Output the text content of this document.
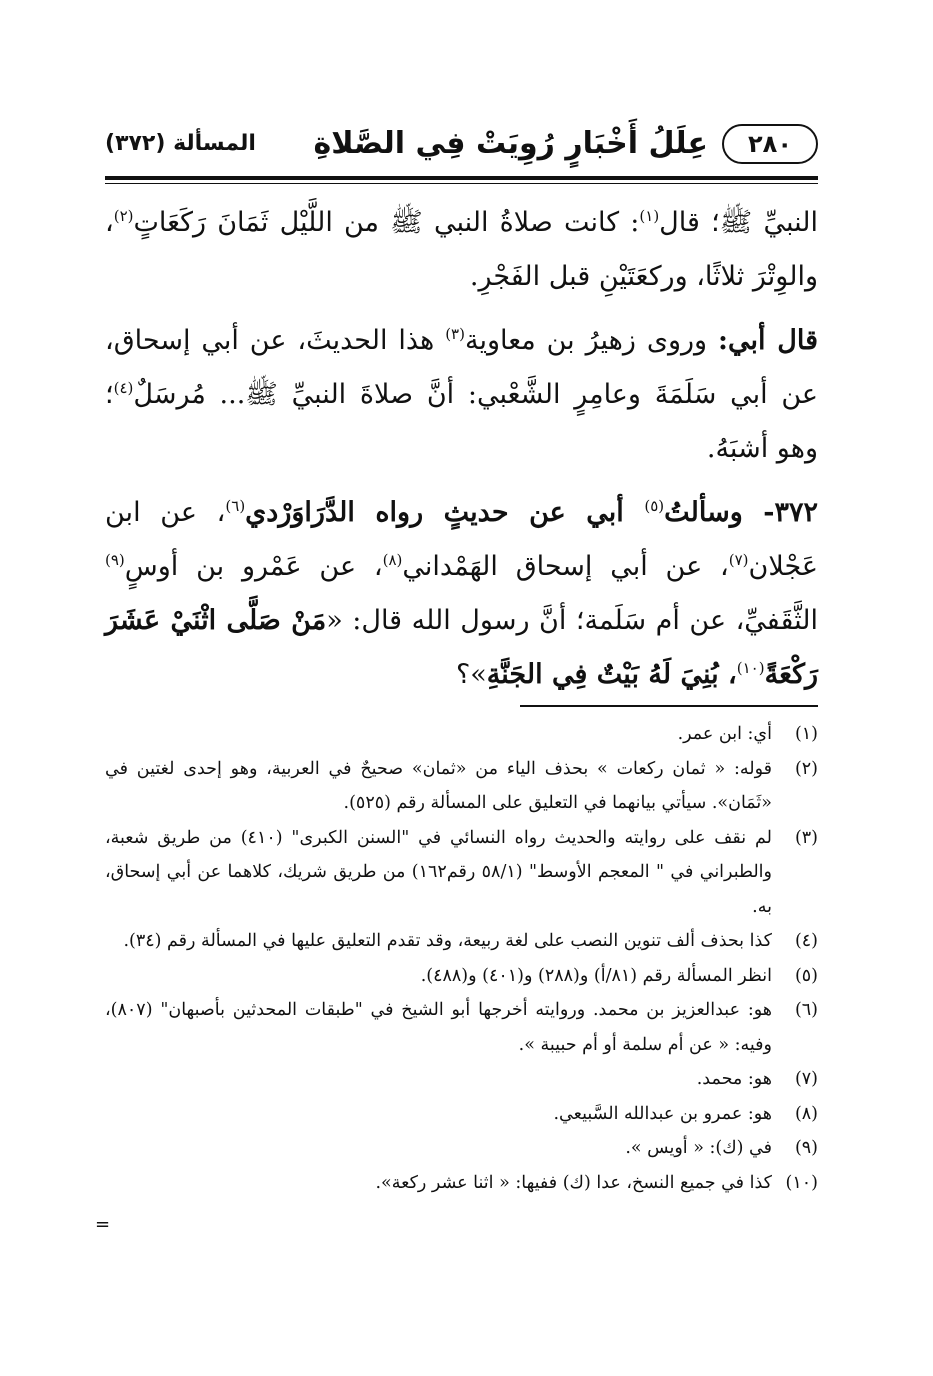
٢٨٠
عِلَلُ أَخْبَارٍ رُوِيَتْ فِي الصَّلاةِ
المسألة (٣٧٢)

النبيِّ ﷺ؛ قال$^{(١)}$: كانت صلاةُ النبي ﷺ من اللَّيْل ثَمَانَ رَكَعَاتٍ$^{(٢)}$، والوِتْرَ ثلاثًا، وركعَتَيْنِ قبل الفَجْرِ.

قال أبي: وروى زهيرُ بن معاوية$^{(٣)}$ هذا الحديثَ، عن أبي إسحاق، عن أبي سَلَمَةَ وعامِرٍ الشَّعْبي: أنَّ صلاةَ النبيِّ ﷺ... مُرسَلٌ$^{(٤)}$؛ وهو أشبَهُ.

٣٧٢- وسألتُ$^{(٥)}$ أبي عن حديثٍ رواه الدَّرَاوَرْدي$^{(٦)}$، عن ابن عَجْلان$^{(٧)}$، عن أبي إسحاق الهَمْداني$^{(٨)}$، عن عَمْرو بن أوسٍ$^{(٩)}$ الثَّقَفيِّ، عن أم سَلَمة؛ أنَّ رسول الله قال: «مَنْ صَلَّى اثْنَيْ عَشَرَ رَكْعَةً$^{(١٠)}$، بُنِيَ لَهُ بَيْتٌ فِي الجَنَّةِ»؟

(١)
أي: ابن عمر.
(٢)
قوله: « ثمان ركعات » بحذف الياء من «ثمان» صحيحٌ في العربية، وهو إحدى لغتين في «ثَمَان». سيأتي بيانهما في التعليق على المسألة رقم (٥٢٥).
(٣)
لم نقف على روايته والحديث رواه النسائي في "السنن الكبرى" (٤١٠) من طريق شعبة، والطبراني في " المعجم الأوسط" (٥٨/١ رقم١٦٢) من طريق شريك، كلاهما عن أبي إسحاق، به.
(٤)
كذا بحذف ألف تنوين النصب على لغة ربيعة، وقد تقدم التعليق عليها في المسألة رقم (٣٤).
(٥)
انظر المسألة رقم (٨١/أ) و(٢٨٨) و(٤٠١) و(٤٨٨).
(٦)
هو: عبدالعزيز بن محمد. وروايته أخرجها أبو الشيخ في "طبقات المحدثين بأصبهان" (٨٠٧)، وفيه: « عن أم سلمة أو أم حبيبة ».
(٧)
هو: محمد.
(٨)
هو: عمرو بن عبدالله السَّبيعي.
(٩)
في (ك): « أويس ».
(١٠)
كذا في جميع النسخ، عدا (ك) ففيها: « اثنا عشر ركعة».
=
